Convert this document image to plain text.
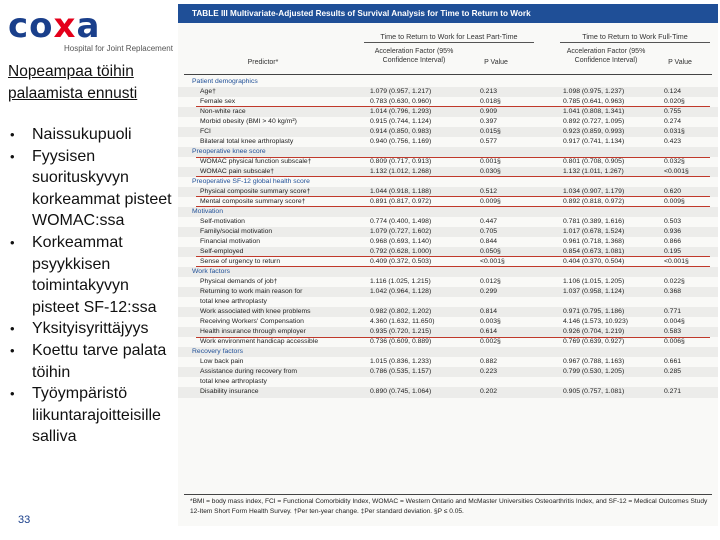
coxa
Hospital for Joint Replacement
Nopeampaa töihin palaamista ennusti
• Naissukupuoli
• Fyysisen suorituskyvyn korkeammat pisteet WOMAC:ssa
• Korkeammat psyykkisen toimintakyvyn pisteet SF-12:ssa
• Yksityisyrittäjyys
• Koettu tarve palata töihin
• Työympäristö liikuntarajoitteisille salliva
33
TABLE III Multivariate-Adjusted Results of Survival Analysis for Time to Return to Work
Time to Return to Work for Least Part-Time	Time to Return to Work Full-Time
Predictor*
Acceleration Factor (95% Confidence Interval)	P Value
Acceleration Factor (95% Confidence Interval)	P Value
Patient demographics
Age†	1.079 (0.957, 1.217)	0.213	1.098 (0.975, 1.237)	0.124
Female sex	0.783 (0.630, 0.960)	0.018§	0.785 (0.641, 0.963)	0.020§
Non-white race	1.014 (0.796, 1.293)	0.909	1.041 (0.808, 1.341)	0.755
Morbid obesity (BMI > 40 kg/m²)	0.915 (0.744, 1.124)	0.397	0.892 (0.727, 1.095)	0.274
FCI	0.914 (0.850, 0.983)	0.015§	0.923 (0.859, 0.993)	0.031§
Bilateral total knee arthroplasty	0.940 (0.756, 1.169)	0.577	0.917 (0.741, 1.134)	0.423
Preoperative knee score
WOMAC physical function subscale†	0.809 (0.717, 0.913)	0.001§	0.801 (0.708, 0.905)	0.032§
WOMAC pain subscale†	1.132 (1.012, 1.268)	0.030§	1.132 (1.011, 1.267)	<0.001§
Preoperative SF-12 global health score
Physical composite summary score†	1.044 (0.918, 1.188)	0.512	1.034 (0.907, 1.179)	0.620
Mental composite summary score†	0.891 (0.817, 0.972)	0.009§	0.892 (0.818, 0.972)	0.009§
Motivation
Self-motivation	0.774 (0.400, 1.498)	0.447	0.781 (0.389, 1.616)	0.503
Family/social motivation	1.079 (0.727, 1.602)	0.705	1.017 (0.678, 1.524)	0.936
Financial motivation	0.968 (0.693, 1.140)	0.844	0.961 (0.718, 1.368)	0.866
Self-employed	0.792 (0.628, 1.000)	0.050§	0.854 (0.673, 1.081)	0.195
Sense of urgency to return	0.409 (0.372, 0.503)	<0.001§	0.404 (0.370, 0.504)	<0.001§
Work factors
Physical demands of job†	1.116 (1.025, 1.215)	0.012§	1.106 (1.015, 1.205)	0.022§
Returning to work main reason for	1.042 (0.964, 1.128)	0.299	1.037 (0.958, 1.124)	0.368
total knee arthroplasty
Work associated with knee problems	0.982 (0.802, 1.202)	0.814	0.971 (0.795, 1.186)	0.771
Receiving Workers' Compensation	4.360 (1.632, 11.650)	0.003§	4.146 (1.573, 10.923)	0.004§
Health insurance through employer	0.935 (0.720, 1.215)	0.614	0.926 (0.704, 1.219)	0.583
Work environment handicap accessible	0.736 (0.609, 0.889)	0.002§	0.769 (0.639, 0.927)	0.006§
Recovery factors
Low back pain	1.015 (0.836, 1.233)	0.882	0.967 (0.788, 1.163)	0.661
Assistance during recovery from	0.786 (0.535, 1.157)	0.223	0.799 (0.530, 1.205)	0.285
total knee arthroplasty
Disability insurance	0.890 (0.745, 1.064)	0.202	0.905 (0.757, 1.081)	0.271
*BMI = body mass index, FCI = Functional Comorbidity Index, WOMAC = Western Ontario and McMaster Universities Osteoarthritis Index, and SF-12 = Medical Outcomes Study 12-Item Short Form Health Survey. †Per ten-year change. ‡Per standard deviation. §P ≤ 0.05.
